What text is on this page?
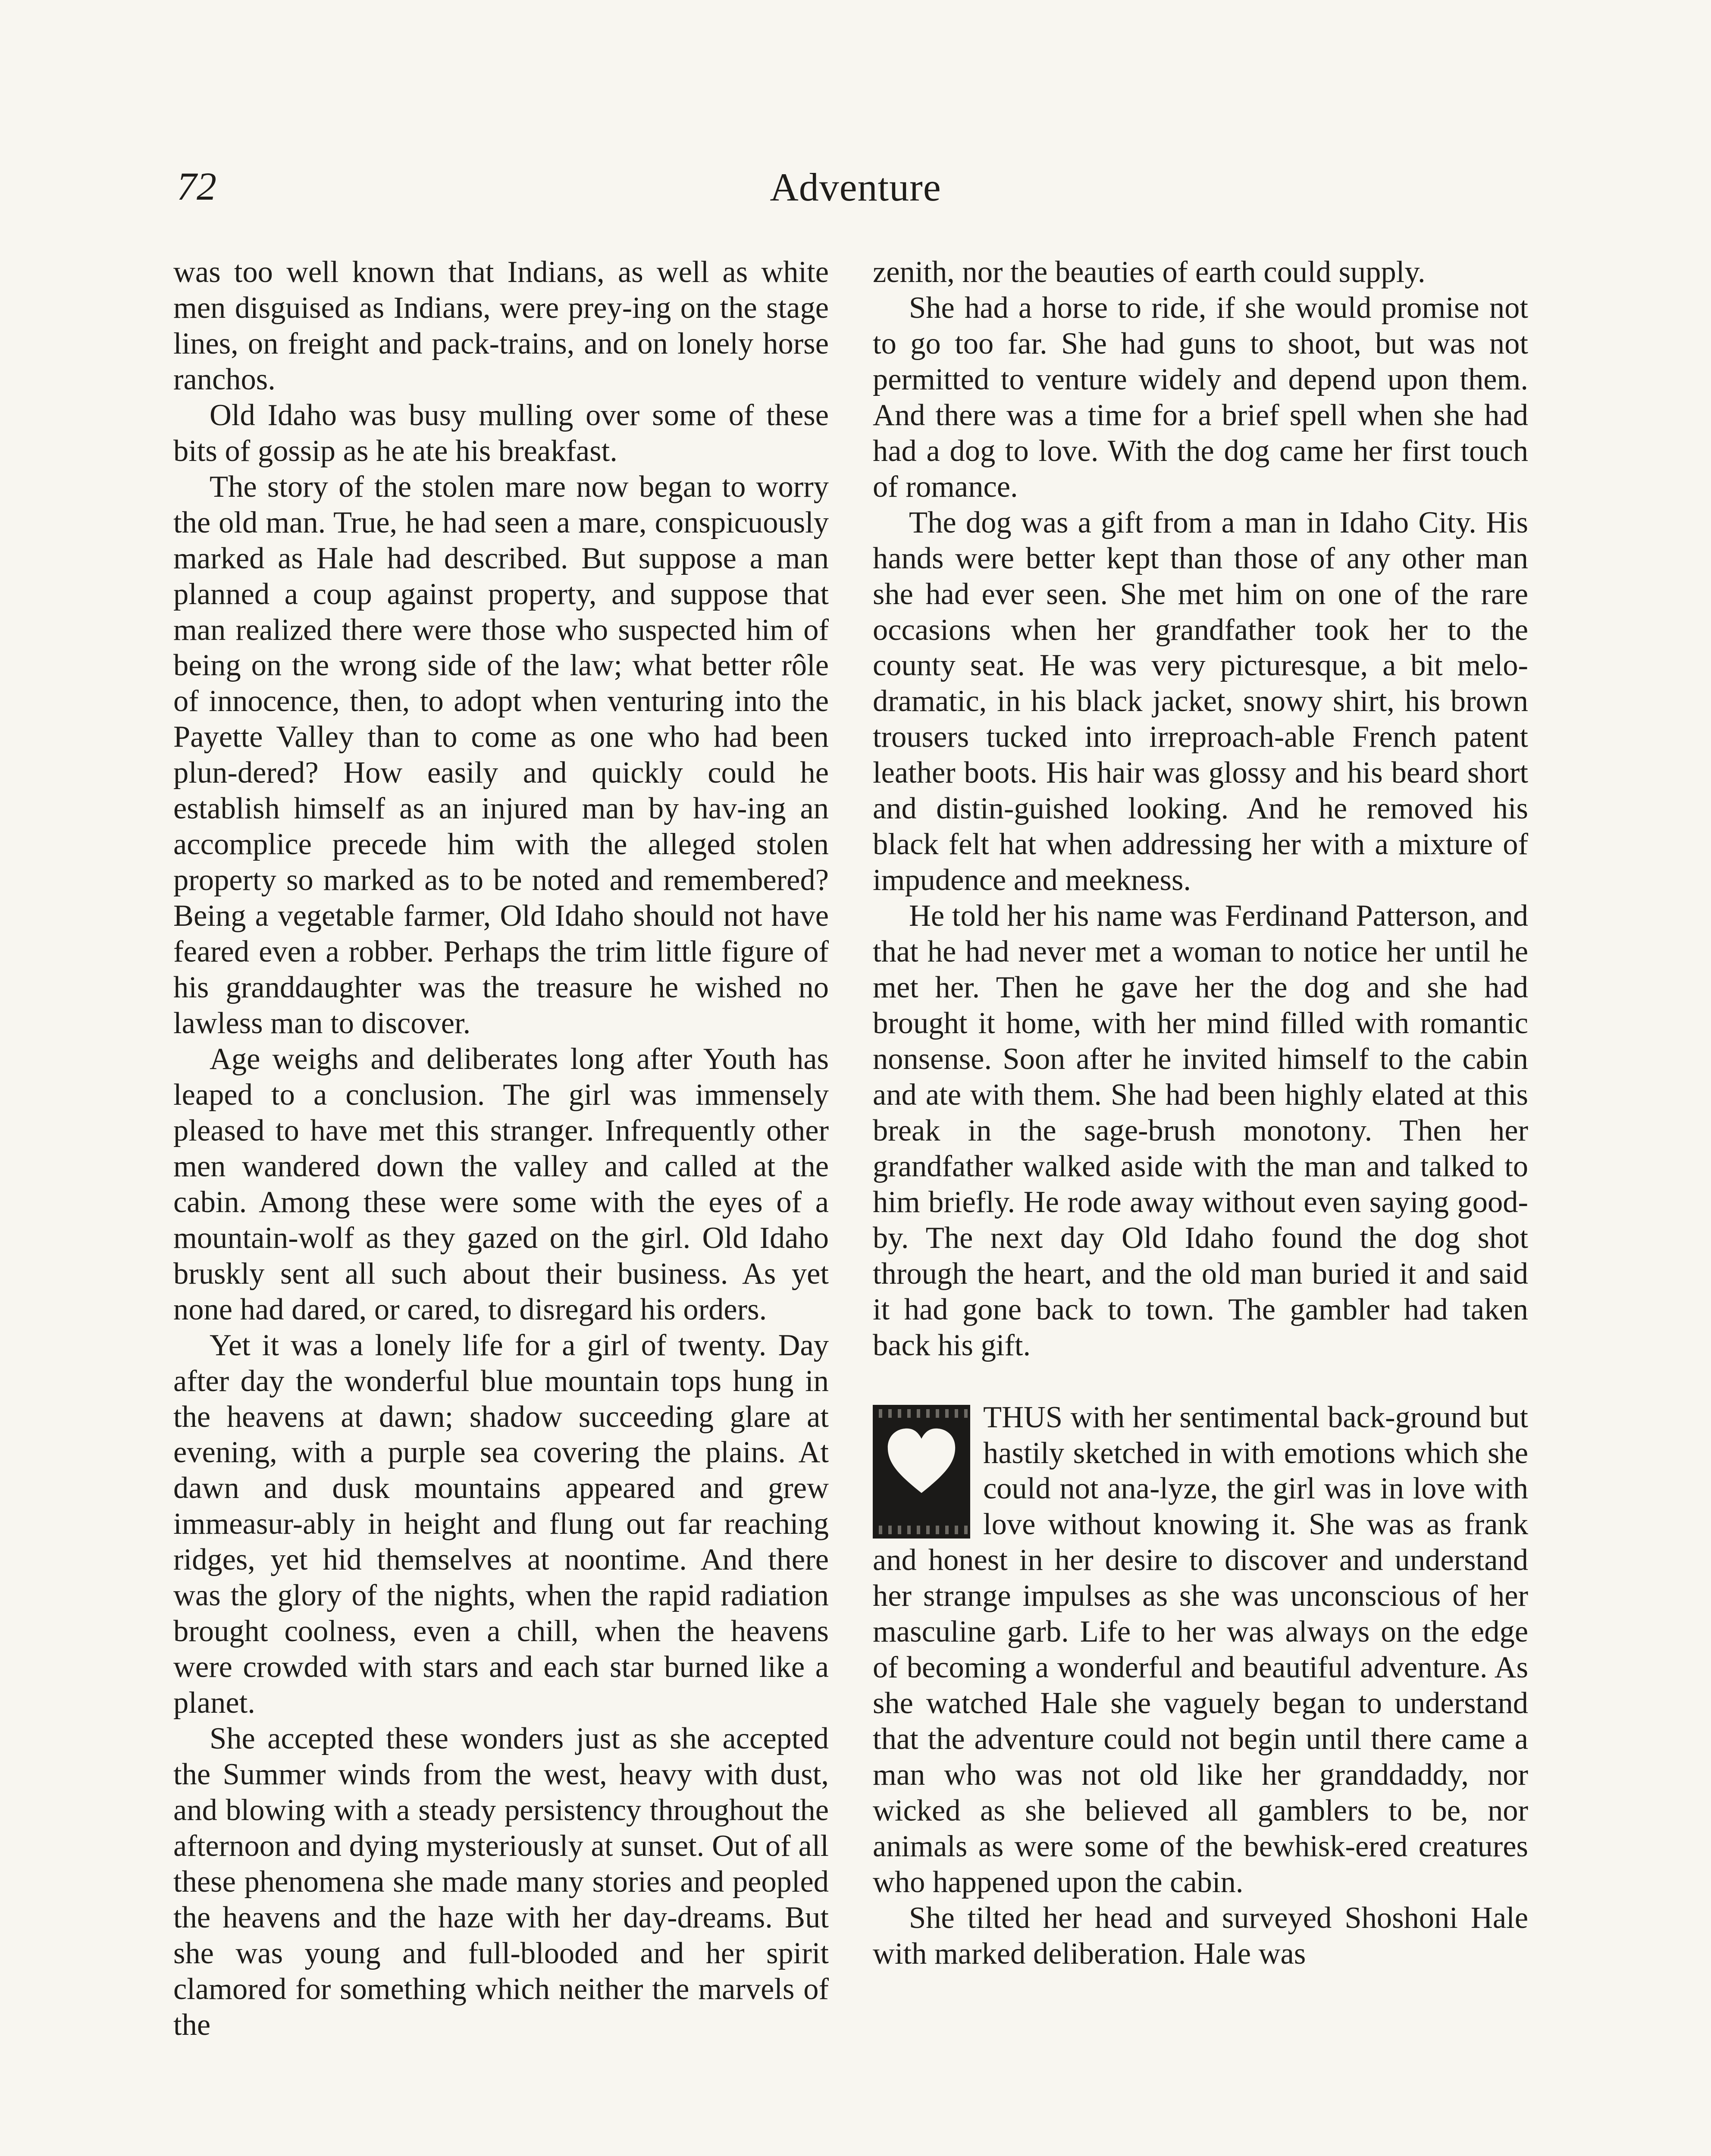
72	Adventure

was too well known that Indians, as well as white men disguised as Indians, were prey-ing on the stage lines, on freight and pack-trains, and on lonely horse ranchos.

Old Idaho was busy mulling over some of these bits of gossip as he ate his breakfast.

The story of the stolen mare now began to worry the old man. True, he had seen a mare, conspicuously marked as Hale had described. But suppose a man planned a coup against property, and suppose that man realized there were those who suspected him of being on the wrong side of the law; what better rôle of innocence, then, to adopt when venturing into the Payette Valley than to come as one who had been plun-dered? How easily and quickly could he establish himself as an injured man by hav-ing an accomplice precede him with the alleged stolen property so marked as to be noted and remembered? Being a vegetable farmer, Old Idaho should not have feared even a robber. Perhaps the trim little figure of his granddaughter was the treasure he wished no lawless man to discover.

Age weighs and deliberates long after Youth has leaped to a conclusion. The girl was immensely pleased to have met this stranger. Infrequently other men wandered down the valley and called at the cabin. Among these were some with the eyes of a mountain-wolf as they gazed on the girl. Old Idaho bruskly sent all such about their business. As yet none had dared, or cared, to disregard his orders.

Yet it was a lonely life for a girl of twenty. Day after day the wonderful blue mountain tops hung in the heavens at dawn; shadow succeeding glare at evening, with a purple sea covering the plains. At dawn and dusk mountains appeared and grew immeasur-ably in height and flung out far reaching ridges, yet hid themselves at noontime. And there was the glory of the nights, when the rapid radiation brought coolness, even a chill, when the heavens were crowded with stars and each star burned like a planet.

She accepted these wonders just as she accepted the Summer winds from the west, heavy with dust, and blowing with a steady persistency throughout the afternoon and dying mysteriously at sunset. Out of all these phenomena she made many stories and peopled the heavens and the haze with her day-dreams. But she was young and full-blooded and her spirit clamored for something which neither the marvels of the

zenith, nor the beauties of earth could supply.

She had a horse to ride, if she would promise not to go too far. She had guns to shoot, but was not permitted to venture widely and depend upon them. And there was a time for a brief spell when she had had a dog to love. With the dog came her first touch of romance.

The dog was a gift from a man in Idaho City. His hands were better kept than those of any other man she had ever seen. She met him on one of the rare occasions when her grandfather took her to the county seat. He was very picturesque, a bit melo-dramatic, in his black jacket, snowy shirt, his brown trousers tucked into irreproach-able French patent leather boots. His hair was glossy and his beard short and distin-guished looking. And he removed his black felt hat when addressing her with a mixture of impudence and meekness.

He told her his name was Ferdinand Patterson, and that he had never met a woman to notice her until he met her. Then he gave her the dog and she had brought it home, with her mind filled with romantic nonsense. Soon after he invited himself to the cabin and ate with them. She had been highly elated at this break in the sage-brush monotony. Then her grandfather walked aside with the man and talked to him briefly. He rode away without even saying good-by. The next day Old Idaho found the dog shot through the heart, and the old man buried it and said it had gone back to town. The gambler had taken back his gift.

THUS with her sentimental back-ground but hastily sketched in with emotions which she could not ana-lyze, the girl was in love with love without knowing it. She was as frank and honest in her desire to discover and understand her strange impulses as she was unconscious of her masculine garb. Life to her was always on the edge of becoming a wonderful and beautiful adventure. As she watched Hale she vaguely began to understand that the adventure could not begin until there came a man who was not old like her granddaddy, nor wicked as she believed all gamblers to be, nor animals as were some of the bewhisk-ered creatures who happened upon the cabin.

She tilted her head and surveyed Shoshoni Hale with marked deliberation. Hale was
